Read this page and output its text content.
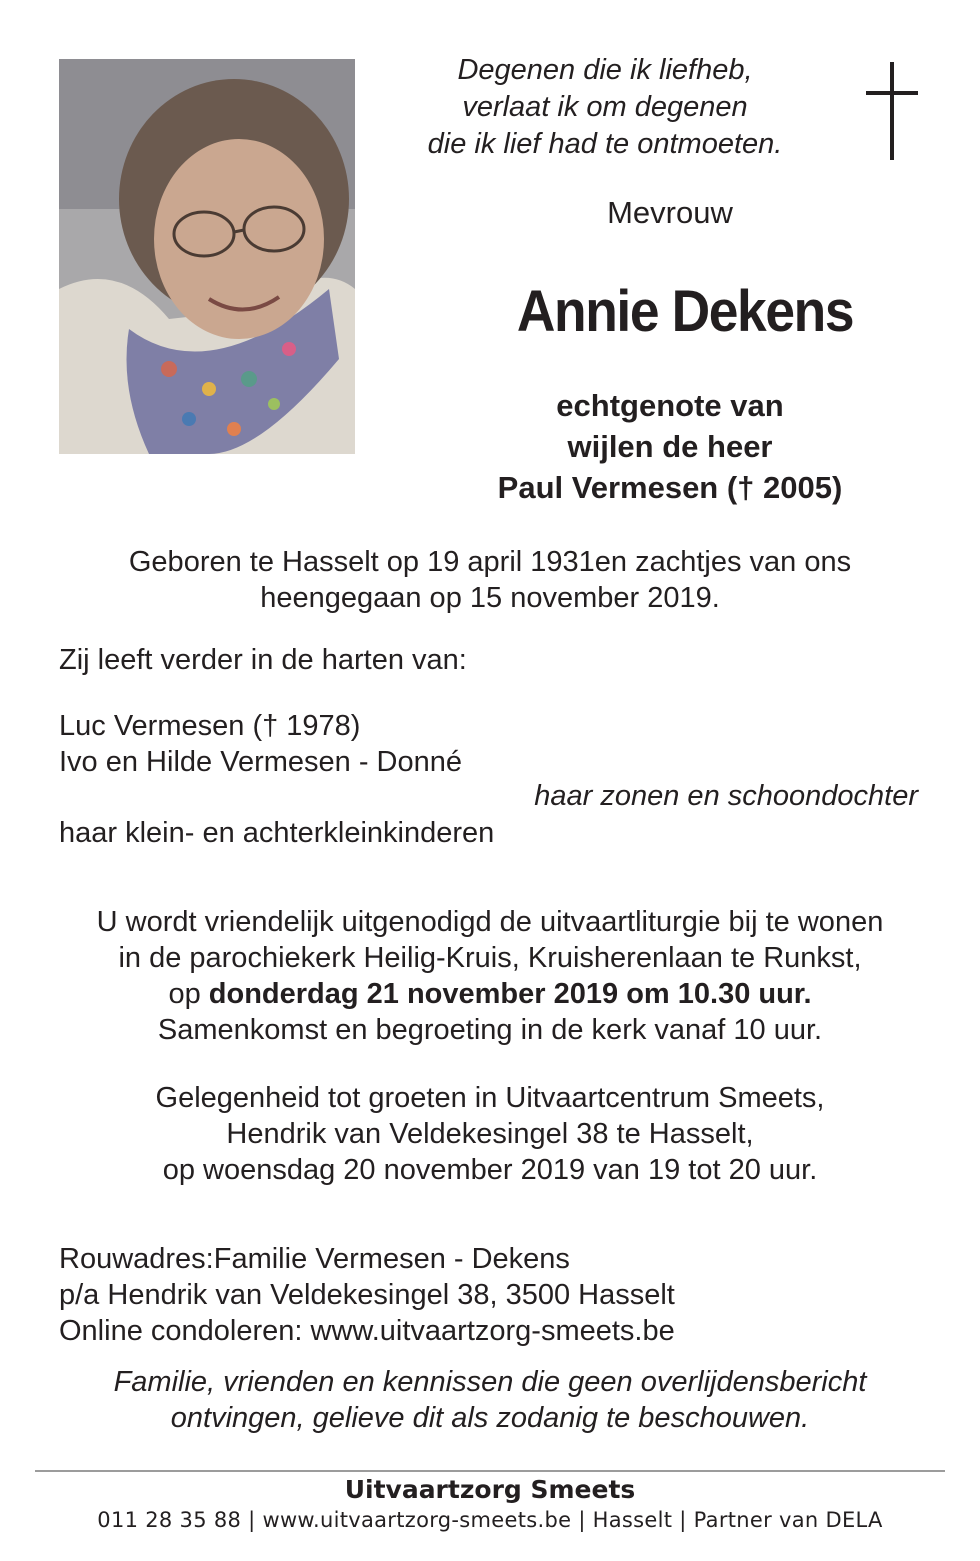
Degenen die ik liefheb,
verlaat ik om degenen
die ik lief had te ontmoeten.
Mevrouw
Annie Dekens
echtgenote van
wijlen de heer
Paul Vermesen († 2005)
Geboren te Hasselt op 19 april 1931en zachtjes van ons
heengegaan op 15 november 2019.
Zij leeft verder in de harten van:
Luc Vermesen († 1978)
Ivo en Hilde Vermesen - Donné
haar zonen en schoondochter
haar klein- en achterkleinkinderen
U wordt vriendelijk uitgenodigd de uitvaartliturgie bij te wonen
in de parochiekerk Heilig-Kruis, Kruisherenlaan te Runkst,
op donderdag 21 november 2019 om 10.30 uur.
Samenkomst en begroeting in de kerk vanaf 10 uur.
Gelegenheid tot groeten in Uitvaartcentrum Smeets,
Hendrik van Veldekesingel 38 te Hasselt,
op woensdag 20 november 2019 van 19 tot 20 uur.
Rouwadres:Familie Vermesen - Dekens
p/a Hendrik van Veldekesingel 38, 3500 Hasselt
Online condoleren: www.uitvaartzorg-smeets.be
Familie, vrienden en kennissen die geen overlijdensbericht
ontvingen, gelieve dit als zodanig te beschouwen.
Uitvaartzorg Smeets
011 28 35 88 | www.uitvaartzorg-smeets.be | Hasselt | Partner van DELA
